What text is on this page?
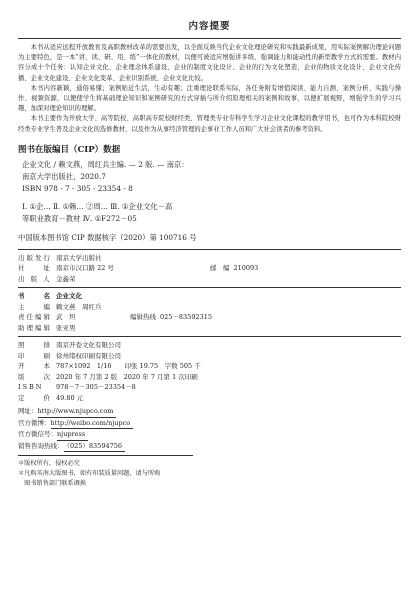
内容提要

本书从适应远程开放教育及高职教材改革的需要出发，以全面反映当代企业文化理论研究和实践最新成果，用实际案例解决理论问题为主要特色，是一本“讲、读、研、用、练”一体化的教材，以便可被适应增强讲多练、强调能力和能动性的新型教学方式的需要。教材内容分成十个任务：认知企业文化、企业理念体系建设、企业的制度文化设计、企业的行为文化塑造、企业的物质文化设计、企业文化传播、企业文化建设、企业文化变革、企业识别系统、企业文化比较。

本书内容新颖，通俗易懂；案例贴近生活，生动有趣；注重理论联系实际，各任务附有增值阅读、能力自测、案例分析、实践与操作、视频资源，以便使学生将基础理论知识和案例研究的方式穿插与所介绍原理相关的案例和故事，以便扩展视野，增强学生的学习兴趣，加深对理论知识的理解。

本书主要作为开放大学、高等院校、高职高专院校财经类、管理类专业专科学生学习企业文化课程的教学用书，也可作为本科院校财经类专业学生普及企业文化的选修教材，以及作为从事经济管理的企事业工作人员和广大社会读者的参考资料。

图书在版编目（CIP）数据
企业文化 / 赖文燕，周红兵主编. — 2 版. — 南京：
南京大学出版社，2020.7
ISBN 978 - 7 - 305 - 23354 - 8
Ⅰ. ①企… Ⅱ. ①赖… ②周… Ⅲ. ①企业文化－高
等职业教育－教材 Ⅳ. ①F272－05
中国版本图书馆 CIP 数据核字（2020）第 100716 号
出版发行	南京大学出版社		
社　　址	南京市汉口路 22 号	邮　编	210093
出 版 人	金鑫荣		
书　　名	企业文化		
主　　编	赖文燕　周红兵		
责任编辑	武　坦	编辑热线	025－83592315
助理编辑	张亚男		
照　　排	南京开卷文化有限公司
印　　刷	徐州绪权印刷有限公司
开　　本	787×1092　1/16　　印张 19.75　字数 505 千
版　　次	2020 年 7 月第 2 版　2020 年 7 月第 1 次印刷
ISBN	978－7－305－23354－8
定　　价	49.80 元
网址：http://www.njupco.com
官方微博：http://weibo.com/njupco
官方微信号：njupress
销售咨询热线：（025）83594756
＊版权所有，侵权必究
＊凡购买南大版图书，如有印装质量问题，请与所购
　图书销售部门联系调换
